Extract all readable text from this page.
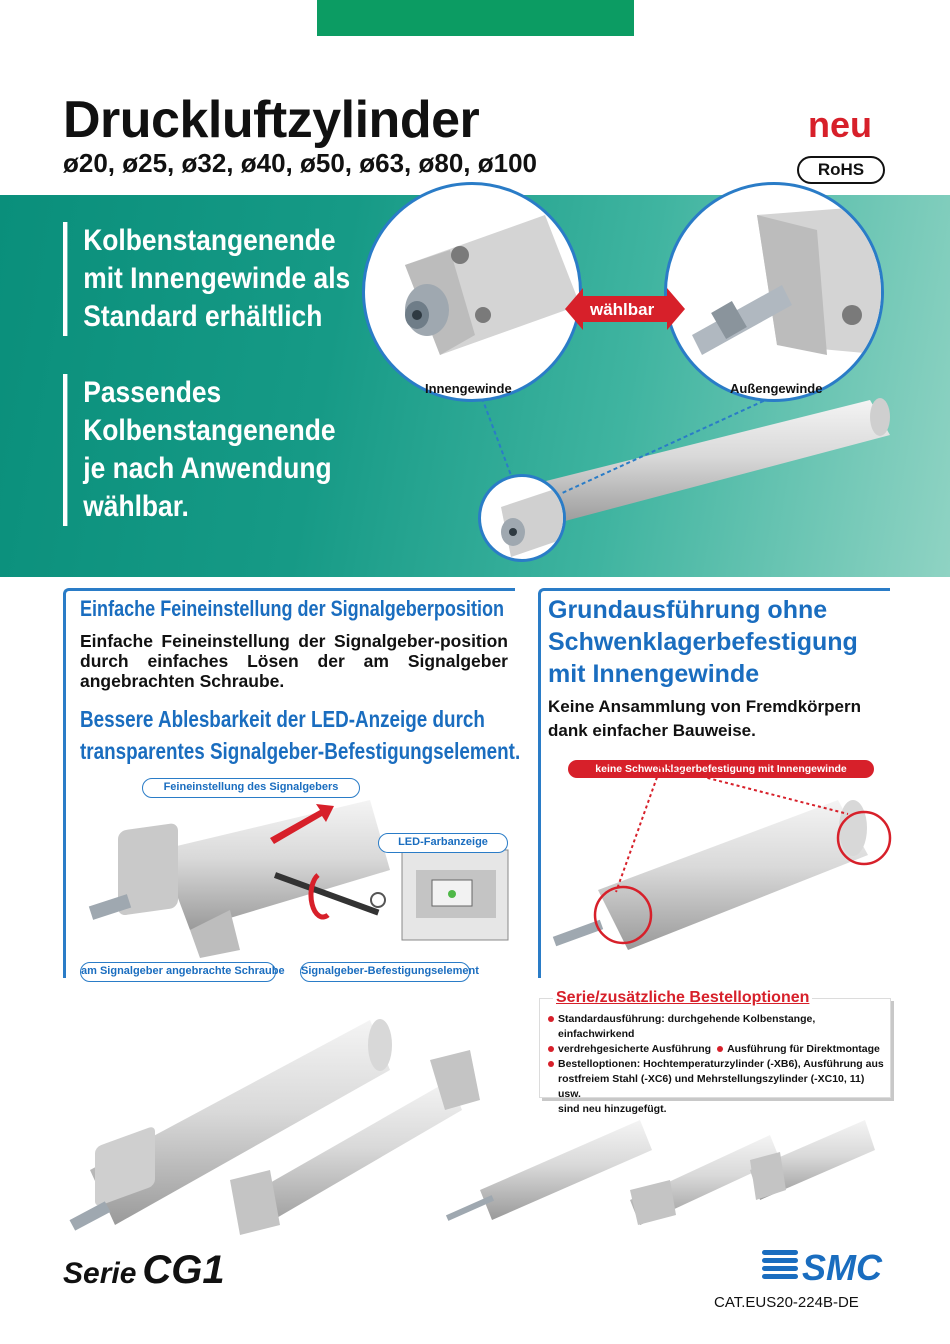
Druckluftzylinder
ø20, ø25, ø32, ø40, ø50, ø63, ø80, ø100
neu
RoHS
Kolbenstangenende
mit Innengewinde als
Standard erhältlich
Passendes
Kolbenstangenende
je nach Anwendung
wählbar.
Innengewinde	Außengewinde
wählbar
Einfache Feineinstellung der Signalgeberposition

Einfache Feineinstellung der Signalgeber-position durch einfaches Lösen der am Signalgeber angebrachten Schraube.

Bessere Ablesbarkeit der LED-Anzeige durch
transparentes Signalgeber-Befestigungselement.
Feineinstellung des Signalgebers
LED-Farbanzeige
am Signalgeber angebrachte Schraube Signalgeber-Befestigungselement
Grundausführung ohne
Schwenklagerbefestigung
mit Innengewinde
Keine Ansammlung von Fremdkörpern
dank einfacher Bauweise.
keine Schwenklagerbefestigung mit Innengewinde
Serie/zusätzliche Bestelloptionen
Standardausführung: durchgehende Kolbenstange, einfachwirkend
verdrehgesicherte Ausführung Ausführung für Direktmontage
Bestelloptionen: Hochtemperaturzylinder (-XB6), Ausführung aus
rostfreiem Stahl (-XC6) und Mehrstellungszylinder (-XC10, 11) usw.
sind neu hinzugefügt.
Serie CG1	SMC
CAT.EUS20-224B-DE
